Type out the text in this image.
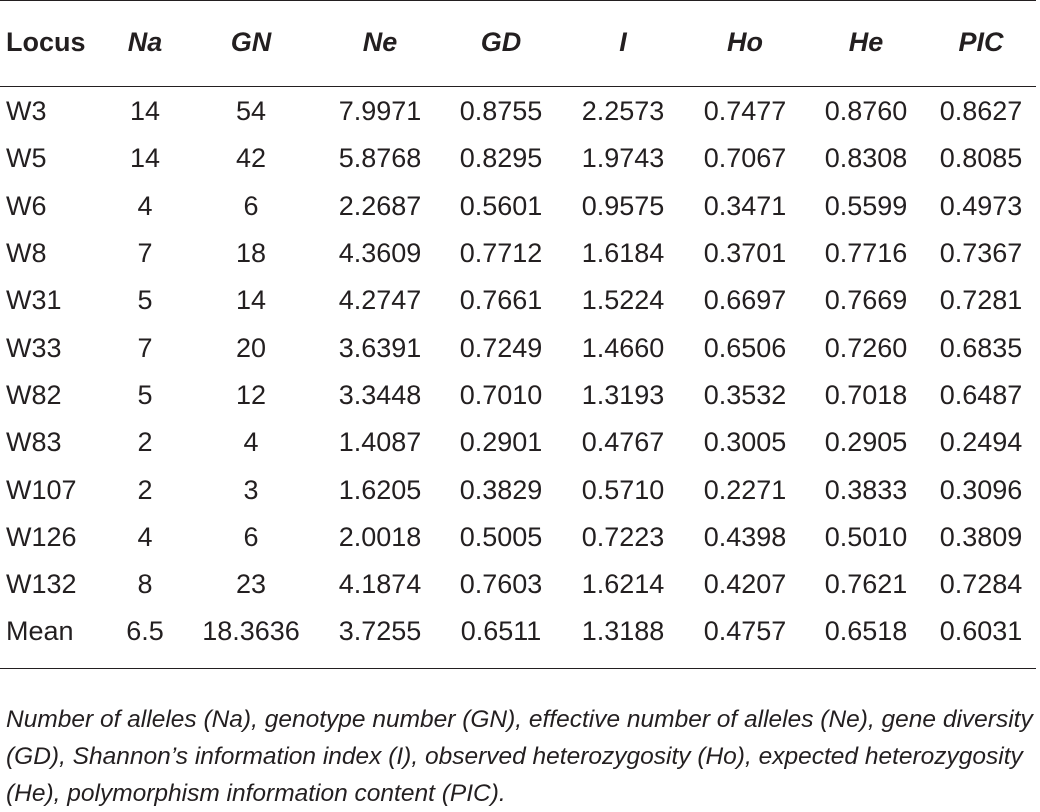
Locus	Na	GN	Ne	GD	I	Ho	He	PIC
W3	14	54	7.9971	0.8755	2.2573	0.7477	0.8760	0.8627
W5	14	42	5.8768	0.8295	1.9743	0.7067	0.8308	0.8085
W6	4	6	2.2687	0.5601	0.9575	0.3471	0.5599	0.4973
W8	7	18	4.3609	0.7712	1.6184	0.3701	0.7716	0.7367
W31	5	14	4.2747	0.7661	1.5224	0.6697	0.7669	0.7281
W33	7	20	3.6391	0.7249	1.4660	0.6506	0.7260	0.6835
W82	5	12	3.3448	0.7010	1.3193	0.3532	0.7018	0.6487
W83	2	4	1.4087	0.2901	0.4767	0.3005	0.2905	0.2494
W107	2	3	1.6205	0.3829	0.5710	0.2271	0.3833	0.3096
W126	4	6	2.0018	0.5005	0.7223	0.4398	0.5010	0.3809
W132	8	23	4.1874	0.7603	1.6214	0.4207	0.7621	0.7284
Mean	6.5	18.3636	3.7255	0.6511	1.3188	0.4757	0.6518	0.6031

Number of alleles (Na), genotype number (GN), effective number of alleles (Ne), gene diversity (GD), Shannon’s information index (I), observed heterozygosity (Ho), expected heterozygosity (He), polymorphism information content (PIC).
